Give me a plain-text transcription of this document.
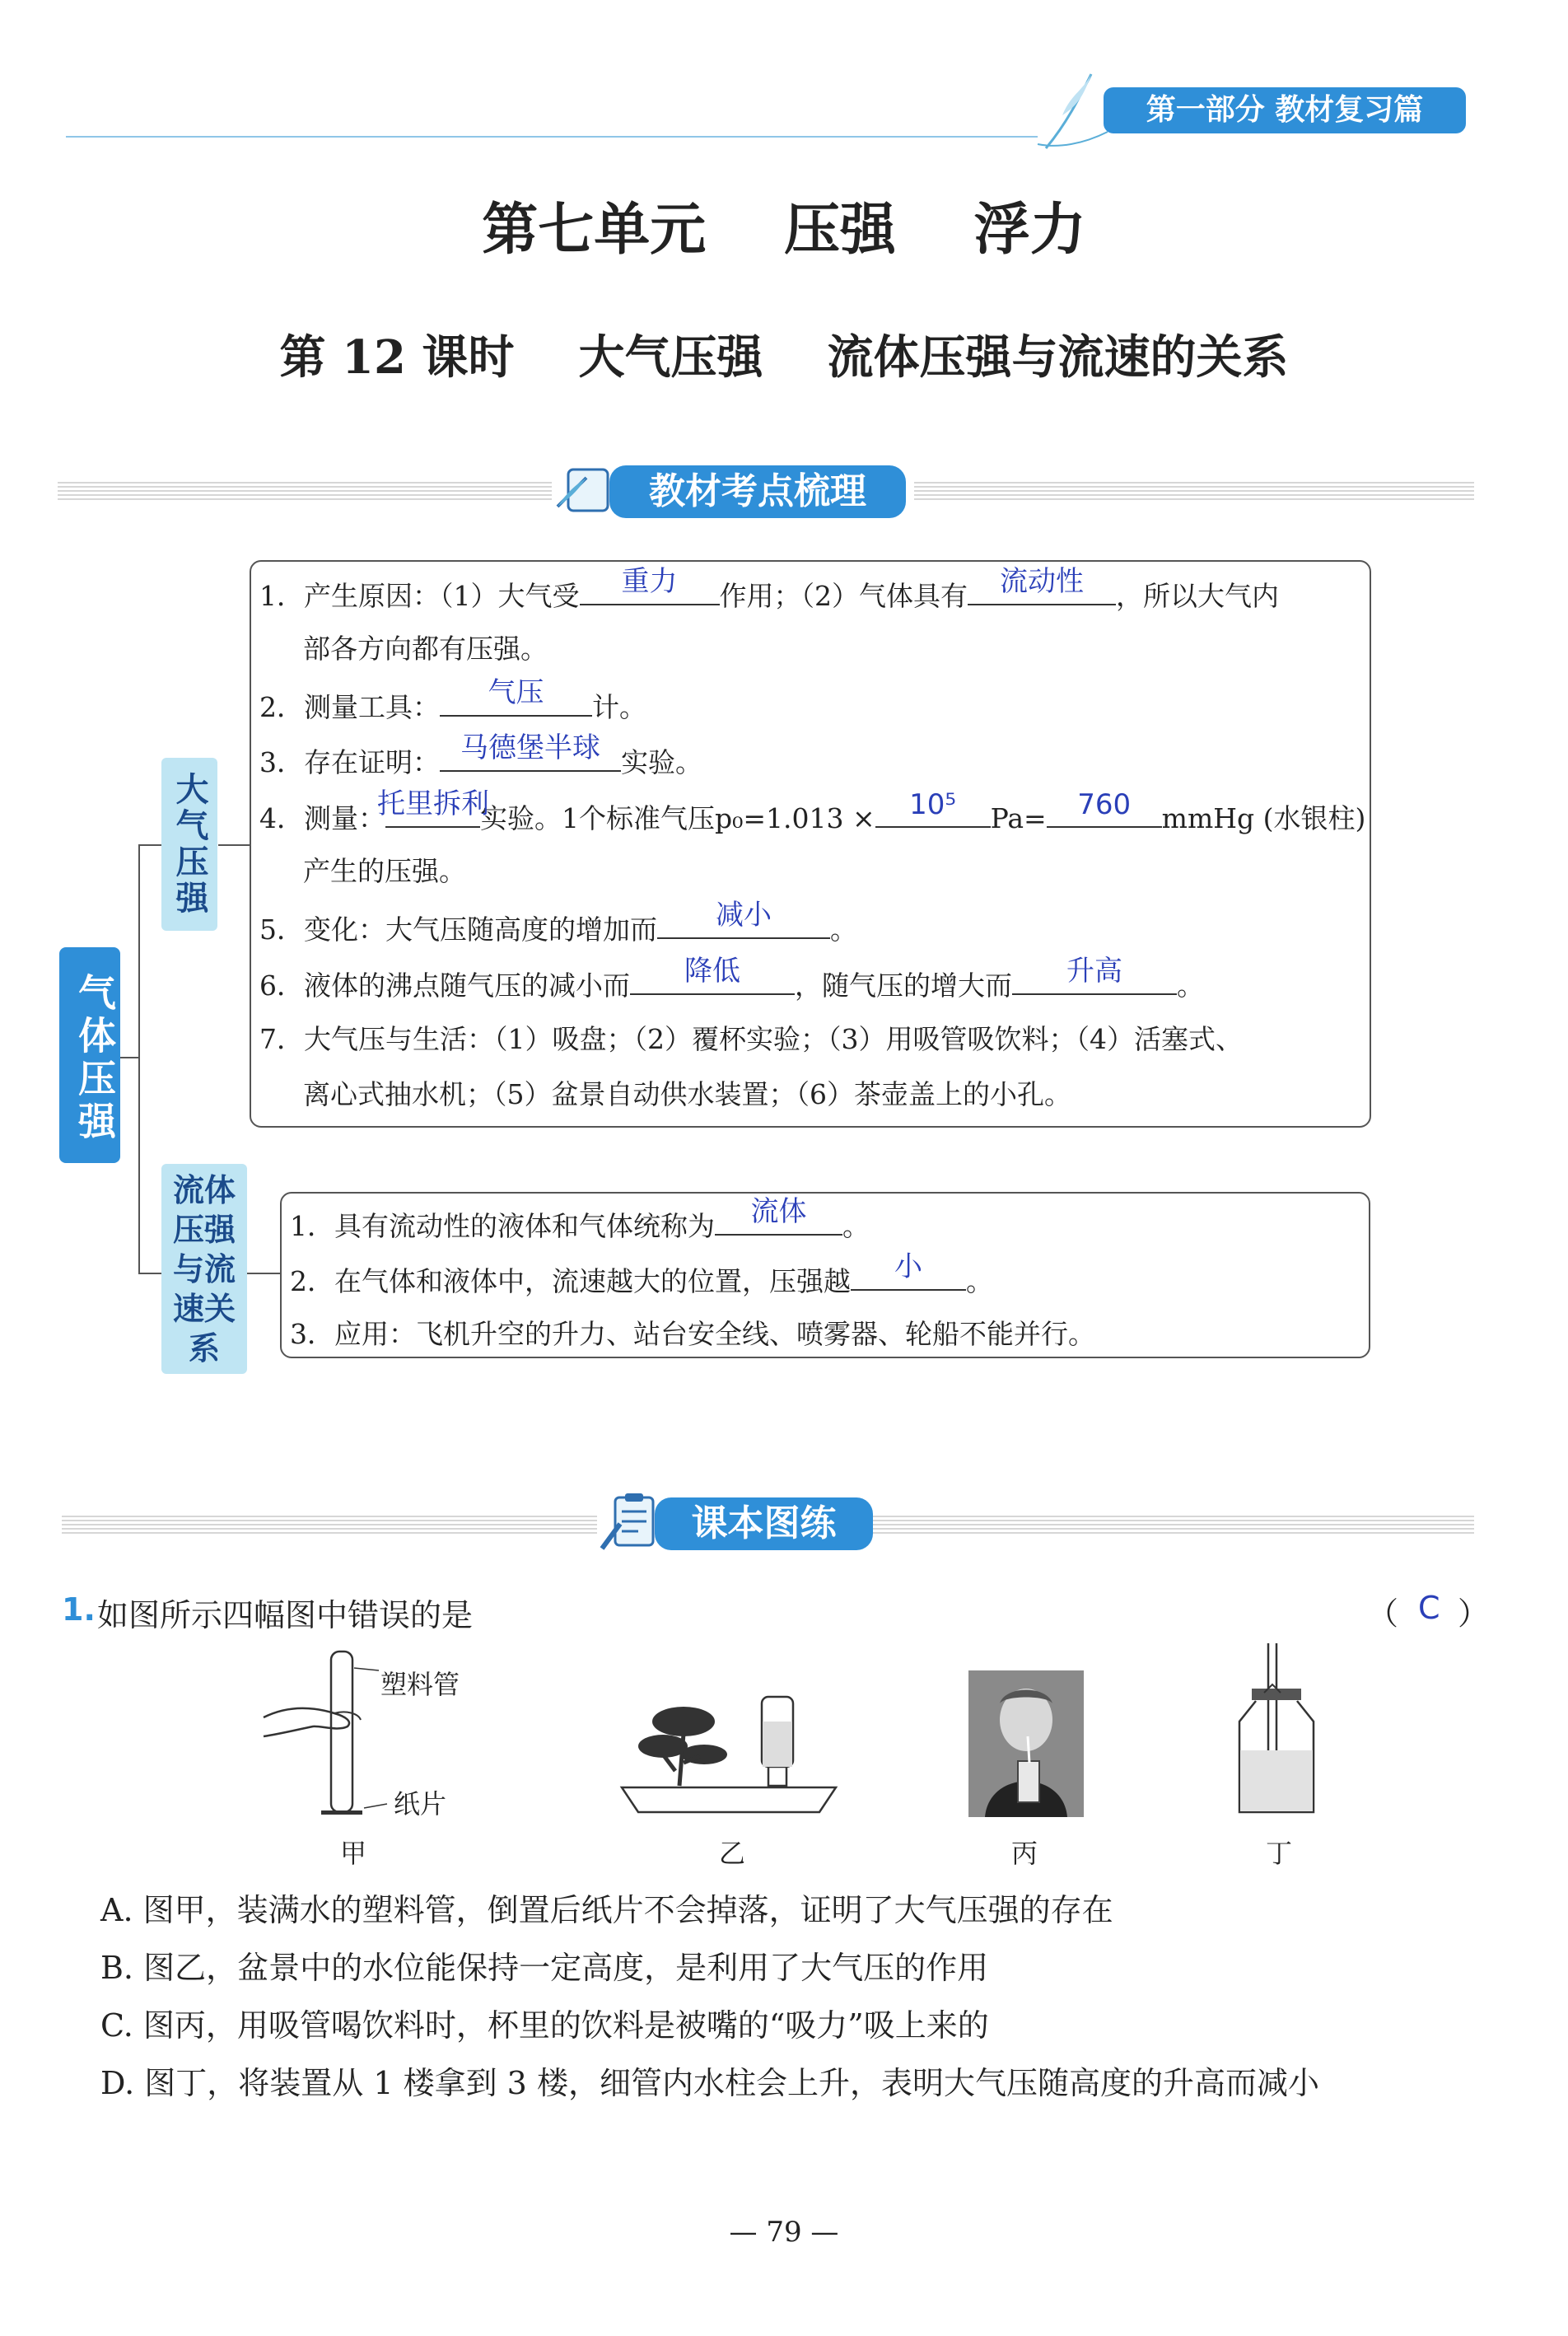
第一部分 教材复习篇
第七单元    压强    浮力
第 12 课时    大气压强    流体压强与流速的关系
教材考点梳理
气体压强
大气压强
流体压强与流速关系
1．产生原因：（1）大气受	重力	作用；（2）气体具有	流动性	，所以大气内
部各方向都有压强。
2．测量工具：	气压	计。
3．存在证明： 马德堡半球 实验。
4．测量：
托里拆利
实验。1个标准气压p₀=1.013 ×	10⁵	Pa=	760	mmHg (水银柱)
产生的压强。
5．变化：大气压随高度的增加而	减小	。
6．液体的沸点随气压的减小而	降低	，随气压的增大而	升高	。
7．大气压与生活：（1）吸盘；（2）覆杯实验；（3）用吸管吸饮料；（4）活塞式、
离心式抽水机；（5）盆景自动供水装置；（6）茶壶盖上的小孔。
1．具有流动性的液体和气体统称为	流体	。
2．在气体和液体中，流速越大的位置，压强越	小	。
3．应用：飞机升空的升力、站台安全线、喷雾器、轮船不能并行。
课本图练
1. 如图所示四幅图中错误的是	（ C ）
塑料管
纸片
甲	乙	丙	丁
A. 图甲，装满水的塑料管，倒置后纸片不会掉落，证明了大气压强的存在
B. 图乙，盆景中的水位能保持一定高度，是利用了大气压的作用
C. 图丙，用吸管喝饮料时，杯里的饮料是被嘴的“吸力”吸上来的
D. 图丁，将装置从 1 楼拿到 3 楼，细管内水柱会上升，表明大气压随高度的升高而减小
— 79 —
